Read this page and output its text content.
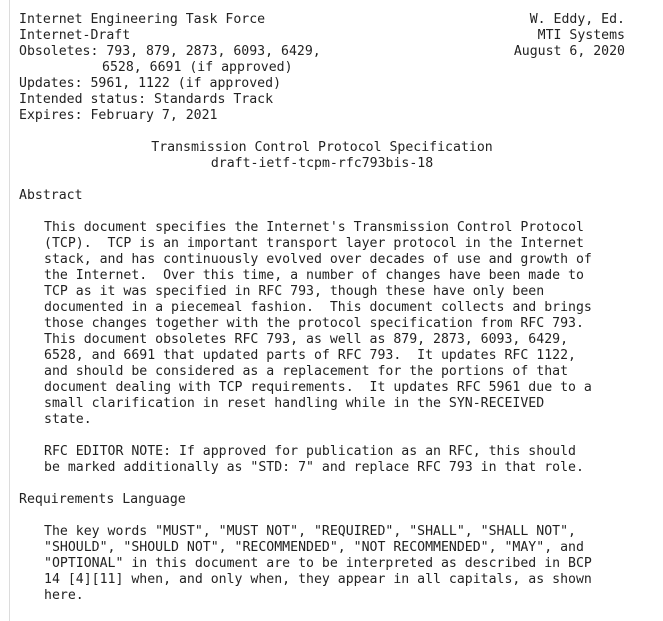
Internet Engineering Task Force	W. Eddy, Ed.
Internet-Draft	MTI Systems
Obsoletes: 793, 879, 2873, 6093, 6429,	August 6, 2020
6528, 6691 (if approved)
Updates: 5961, 1122 (if approved)
Intended status: Standards Track
Expires: February 7, 2021
Transmission Control Protocol Specification
draft-ietf-tcpm-rfc793bis-18
Abstract
This document specifies the Internet's Transmission Control Protocol
(TCP).  TCP is an important transport layer protocol in the Internet
stack, and has continuously evolved over decades of use and growth of
the Internet.  Over this time, a number of changes have been made to
TCP as it was specified in RFC 793, though these have only been
documented in a piecemeal fashion.  This document collects and brings
those changes together with the protocol specification from RFC 793.
This document obsoletes RFC 793, as well as 879, 2873, 6093, 6429,
6528, and 6691 that updated parts of RFC 793.  It updates RFC 1122,
and should be considered as a replacement for the portions of that
document dealing with TCP requirements.  It updates RFC 5961 due to a
small clarification in reset handling while in the SYN-RECEIVED
state.
RFC EDITOR NOTE: If approved for publication as an RFC, this should
be marked additionally as "STD: 7" and replace RFC 793 in that role.
Requirements Language
The key words "MUST", "MUST NOT", "REQUIRED", "SHALL", "SHALL NOT",
"SHOULD", "SHOULD NOT", "RECOMMENDED", "NOT RECOMMENDED", "MAY", and
"OPTIONAL" in this document are to be interpreted as described in BCP
14 [4][11] when, and only when, they appear in all capitals, as shown
here.
